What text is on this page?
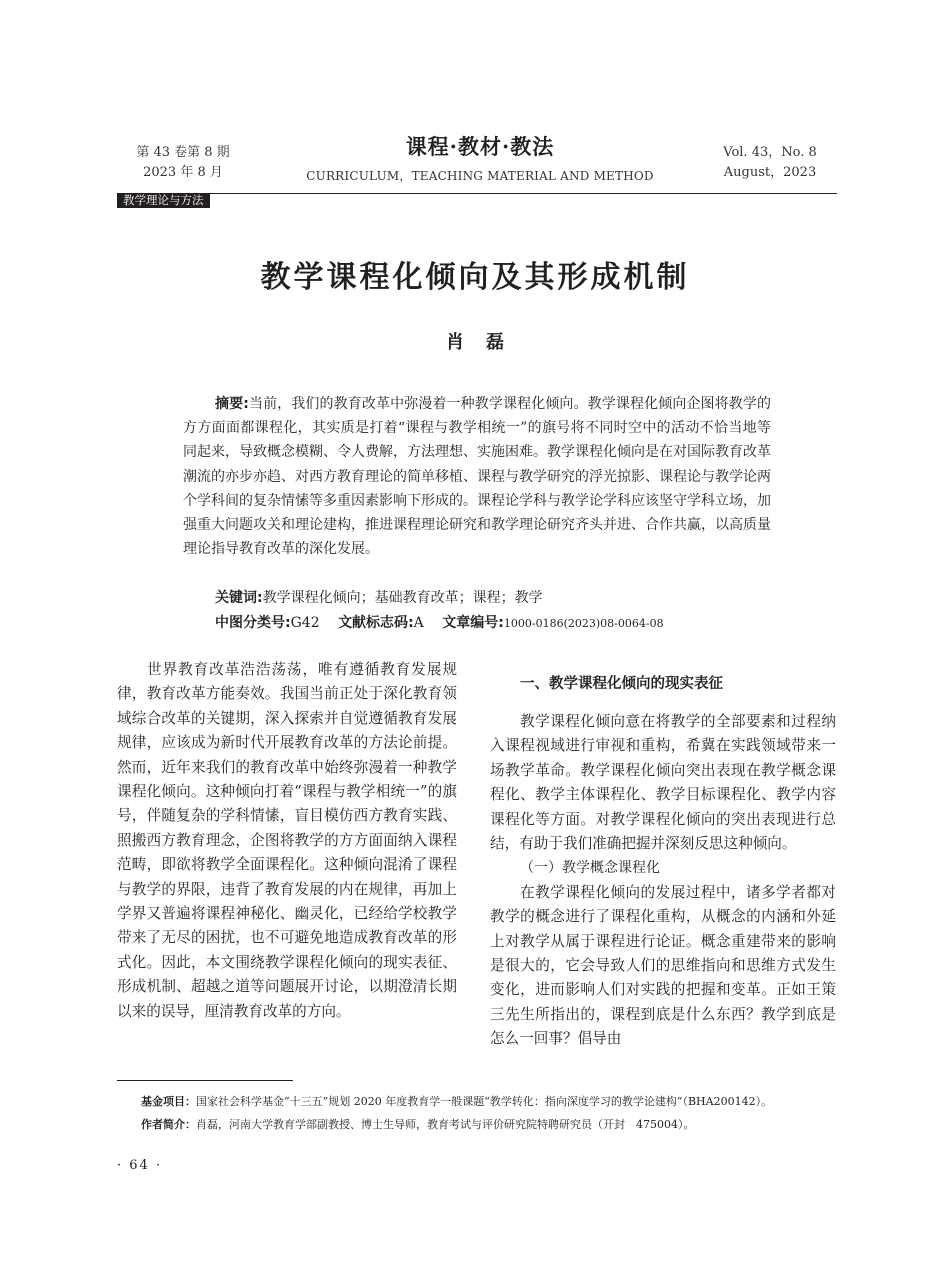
第 43 卷第 8 期
2023 年 8 月
课程·教材·教法
CURRICULUM，TEACHING MATERIAL AND METHOD
Vol. 43，No. 8
August，2023
教学理论与方法
教学课程化倾向及其形成机制
肖磊
摘要:当前，我们的教育改革中弥漫着一种教学课程化倾向。教学课程化倾向企图将教学的方方面面都课程化，其实质是打着“课程与教学相统一”的旗号将不同时空中的活动不恰当地等同起来，导致概念模糊、令人费解，方法理想、实施困难。教学课程化倾向是在对国际教育改革潮流的亦步亦趋、对西方教育理论的简单移植、课程与教学研究的浮光掠影、课程论与教学论两个学科间的复杂情愫等多重因素影响下形成的。课程论学科与教学论学科应该坚守学科立场，加强重大问题攻关和理论建构，推进课程理论研究和教学理论研究齐头并进、合作共赢，以高质量理论指导教育改革的深化发展。
关键词:教学课程化倾向；基础教育改革；课程；教学
中图分类号:G42 文献标志码:A 文章编号:1000-0186(2023)08-0064-08

世界教育改革浩浩荡荡，唯有遵循教育发展规律，教育改革方能奏效。我国当前正处于深化教育领域综合改革的关键期，深入探索并自觉遵循教育发展规律，应该成为新时代开展教育改革的方法论前提。然而，近年来我们的教育改革中始终弥漫着一种教学课程化倾向。这种倾向打着“课程与教学相统一”的旗号，伴随复杂的学科情愫，盲目模仿西方教育实践、照搬西方教育理念，企图将教学的方方面面纳入课程范畴，即欲将教学全面课程化。这种倾向混淆了课程与教学的界限，违背了教育发展的内在规律，再加上学界又普遍将课程神秘化、幽灵化，已经给学校教学带来了无尽的困扰，也不可避免地造成教育改革的形式化。因此，本文围绕教学课程化倾向的现实表征、形成机制、超越之道等问题展开讨论，以期澄清长期以来的误导，厘清教育改革的方向。

一、教学课程化倾向的现实表征

教学课程化倾向意在将教学的全部要素和过程纳入课程视域进行审视和重构，希冀在实践领域带来一场教学革命。教学课程化倾向突出表现在教学概念课程化、教学主体课程化、教学目标课程化、教学内容课程化等方面。对教学课程化倾向的突出表现进行总结，有助于我们准确把握并深刻反思这种倾向。

（一）教学概念课程化

在教学课程化倾向的发展过程中，诸多学者都对教学的概念进行了课程化重构，从概念的内涵和外延上对教学从属于课程进行论证。概念重建带来的影响是很大的，它会导致人们的思维指向和思维方式发生变化，进而影响人们对实践的把握和变革。正如王策三先生所指出的，课程到底是什么东西？教学到底是怎么一回事？倡导由

基金项目：国家社会科学基金“十三五”规划 2020 年度教育学一般课题“教学转化：指向深度学习的教学论建构”（BHA200142）。

作者简介：肖磊，河南大学教育学部副教授、博士生导师，教育考试与评价研究院特聘研究员（开封　475004）。

· 64 ·
